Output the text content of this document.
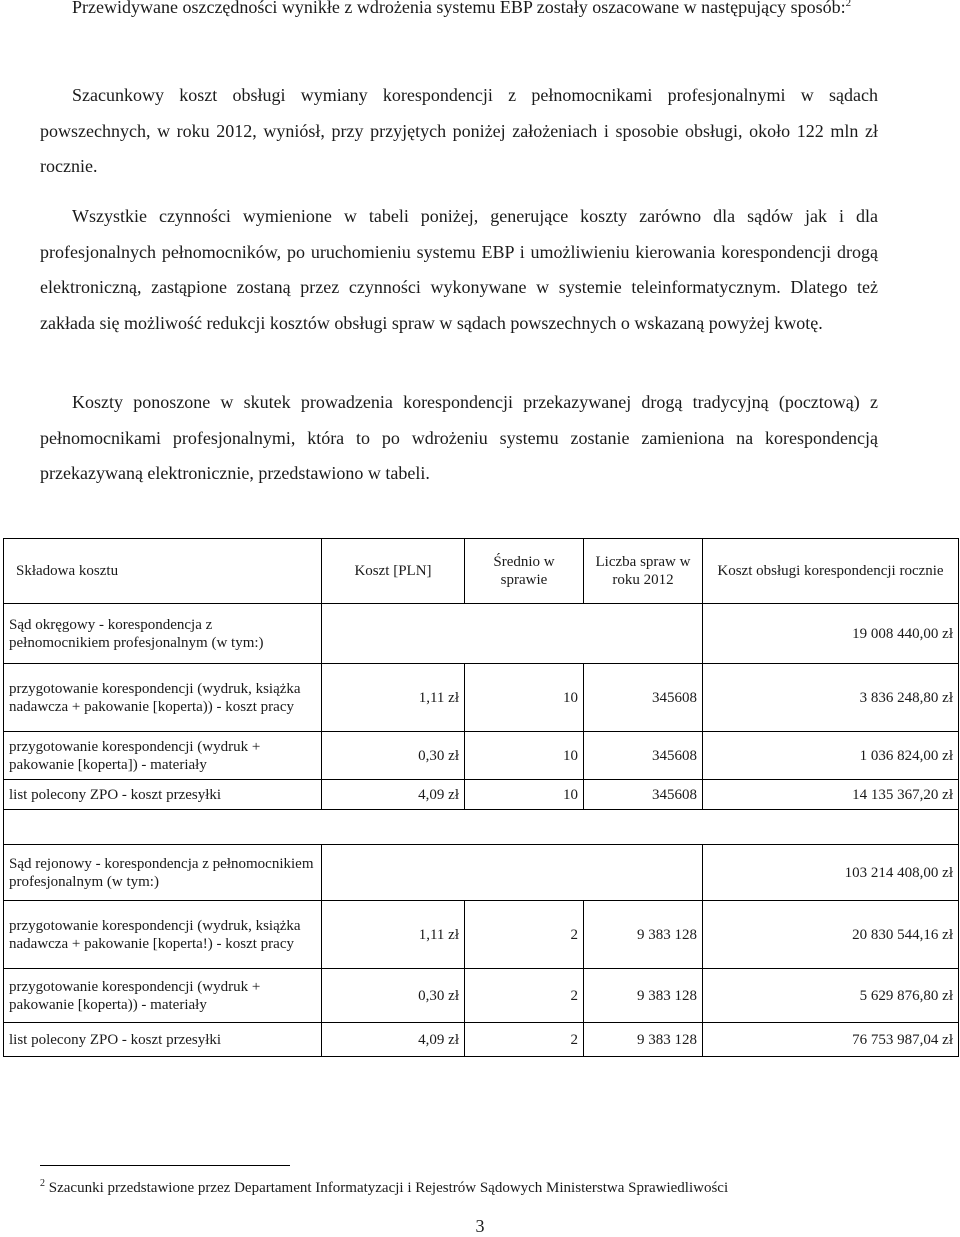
Przewidywane oszczędności wynikłe z wdrożenia systemu EBP zostały oszacowane w następujący sposób:$^2$

Szacunkowy koszt obsługi wymiany korespondencji z pełnomocnikami profesjonalnymi w sądach powszechnych, w roku 2012, wyniósł, przy przyjętych poniżej założeniach i sposobie obsługi, około 122 mln zł rocznie.

Wszystkie czynności wymienione w tabeli poniżej, generujące koszty zarówno dla sądów jak i dla profesjonalnych pełnomocników, po uruchomieniu systemu EBP i umożliwieniu kierowania korespondencji drogą elektroniczną, zastąpione zostaną przez czynności wykonywane w systemie teleinformatycznym. Dlatego też zakłada się możliwość redukcji kosztów obsługi spraw w sądach powszechnych o wskazaną powyżej kwotę.

Koszty ponoszone w skutek prowadzenia korespondencji przekazywanej drogą tradycyjną (pocztową) z pełnomocnikami profesjonalnymi, która to po wdrożeniu systemu zostanie zamieniona na korespondencją przekazywaną elektronicznie, przedstawiono w tabeli.

Składowa kosztu	Koszt [PLN]	Średnio w sprawie	Liczba spraw w roku 2012	Koszt obsługi korespondencji rocznie
Sąd okręgowy - korespondencja z pełnomocnikiem profesjonalnym (w tym:)				19 008 440,00 zł
przygotowanie korespondencji (wydruk, książka nadawcza + pakowanie [koperta)) - koszt pracy	1,11 zł	10	345608	3 836 248,80 zł
przygotowanie korespondencji (wydruk + pakowanie [koperta]) - materiały	0,30 zł	10	345608	1 036 824,00 zł
list polecony ZPO - koszt przesyłki	4,09 zł	10	345608	14 135 367,20 zł

Sąd rejonowy - korespondencja z pełnomocnikiem profesjonalnym (w tym:)				103 214 408,00 zł
przygotowanie korespondencji (wydruk, książka nadawcza + pakowanie [koperta!) - koszt pracy	1,11 zł	2	9 383 128	20 830 544,16 zł
przygotowanie korespondencji (wydruk + pakowanie [koperta)) - materiały	0,30 zł	2	9 383 128	5 629 876,80 zł
list polecony ZPO - koszt przesyłki	4,09 zł	2	9 383 128	76 753 987,04 zł
$^2$ Szacunki przedstawione przez Departament Informatyzacji i Rejestrów Sądowych Ministerstwa Sprawiedliwości
3
